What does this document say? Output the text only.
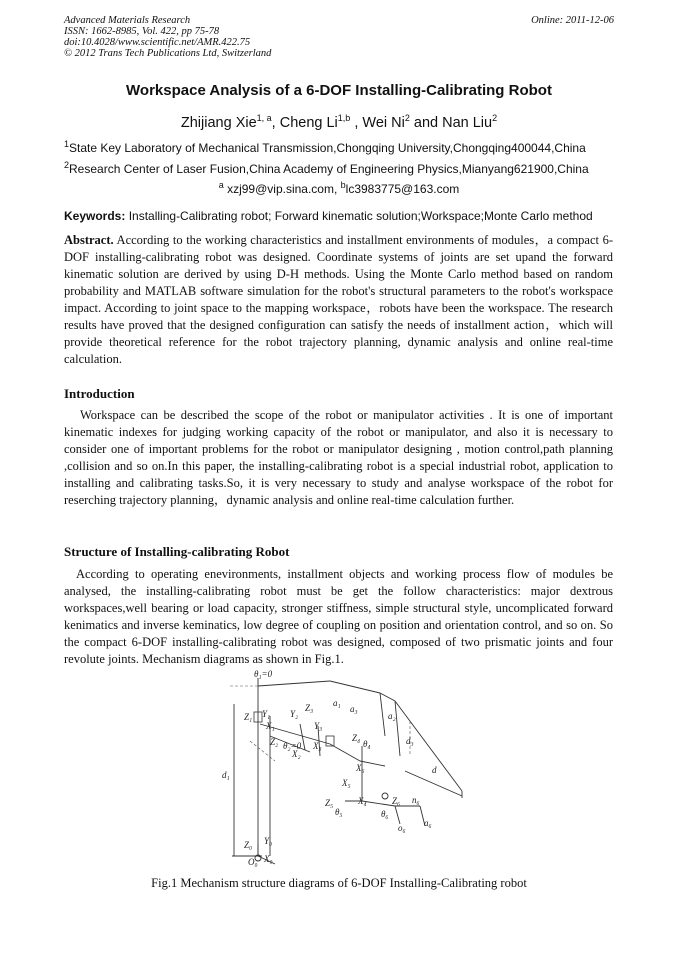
Advanced Materials Research
ISSN: 1662-8985, Vol. 422, pp 75-78
doi:10.4028/www.scientific.net/AMR.422.75
© 2012 Trans Tech Publications Ltd, Switzerland
Online: 2011-12-06
Workspace Analysis of a 6-DOF Installing-Calibrating Robot
Zhijiang Xie$^{1, a}$, Cheng Li$^{1,b}$ , Wei Ni$^2$ and Nan Liu$^2$
$^1$State Key Laboratory of Mechanical Transmission,Chongqing University,Chongqing400044,China
$^2$Research Center of Laser Fusion,China Academy of Engineering Physics,Mianyang621900,China
$^a$ xzj99@vip.sina.com, $^b$lc3983775@163.com
Keywords: Installing-Calibrating robot; Forward kinematic solution;Workspace;Monte Carlo method
Abstract. According to the working characteristics and installment environments of modules，a compact 6-DOF installing-calibrating robot was designed. Coordinate systems of joints are set upand the forward kinematic solution are derived by using D-H methods. Using the Monte Carlo method based on random probability and MATLAB software simulation for the robot's structural parameters to the robot's workspace impact. According to joint space to the mapping workspace，robots have been the workspace. The research results have proved that the designed configuration can satisfy the needs of installment action，which will provide theoretical reference for the robot trajectory planning, dynamic analysis and online real-time calculation.
Introduction
Workspace can be described the scope of the robot or manipulator activities . It is one of important kinematic indexes for judging working capacity of the robot or manipulator, and also it is necessary to consider one of important problems for the robot or manipulator designing , motion control,path planning ,collision and so on.In this paper, the installing-calibrating robot is a special industrial robot, application to installing and calibrating tasks.So, it is very necessary to study and analyse workspace of the robot for reserching trajectory planning，dynamic analysis and online real-time calculation further.
Structure of Installing-calibrating Robot
According to operating enevironments, installment objects and working process flow of modules be analysed, the installing-calibrating robot must be get the follow characteristics: major dextrous workspaces,well bearing or load capacity, stronger stiffness, simple structural style, uncomplicated forward kenimatics and inverse keminatics, low degree of coupling on position and orientation control, and so on. So the compact 6-DOF installing-calibrating robot was designed, composed of two prismatic joints and four revolute joints. Mechanism diagrams as shown in Fig.1.
θ₁=0
Z₁ Y₁
X₁
Z₂
Y₂
X₂
θ₂=0
Z₃
Y₃
X₃
a₁
a₃
a₂
d₃
d
d₁
Z₄
θ₄
X₆
X₅
Z₅
θ₅
X₄	Z₆
θ₆
n₆
a₆
o₆
Z₀ Y₀
X₀
O₀
Fig.1 Mechanism structure diagrams of 6-DOF Installing-Calibrating robot
